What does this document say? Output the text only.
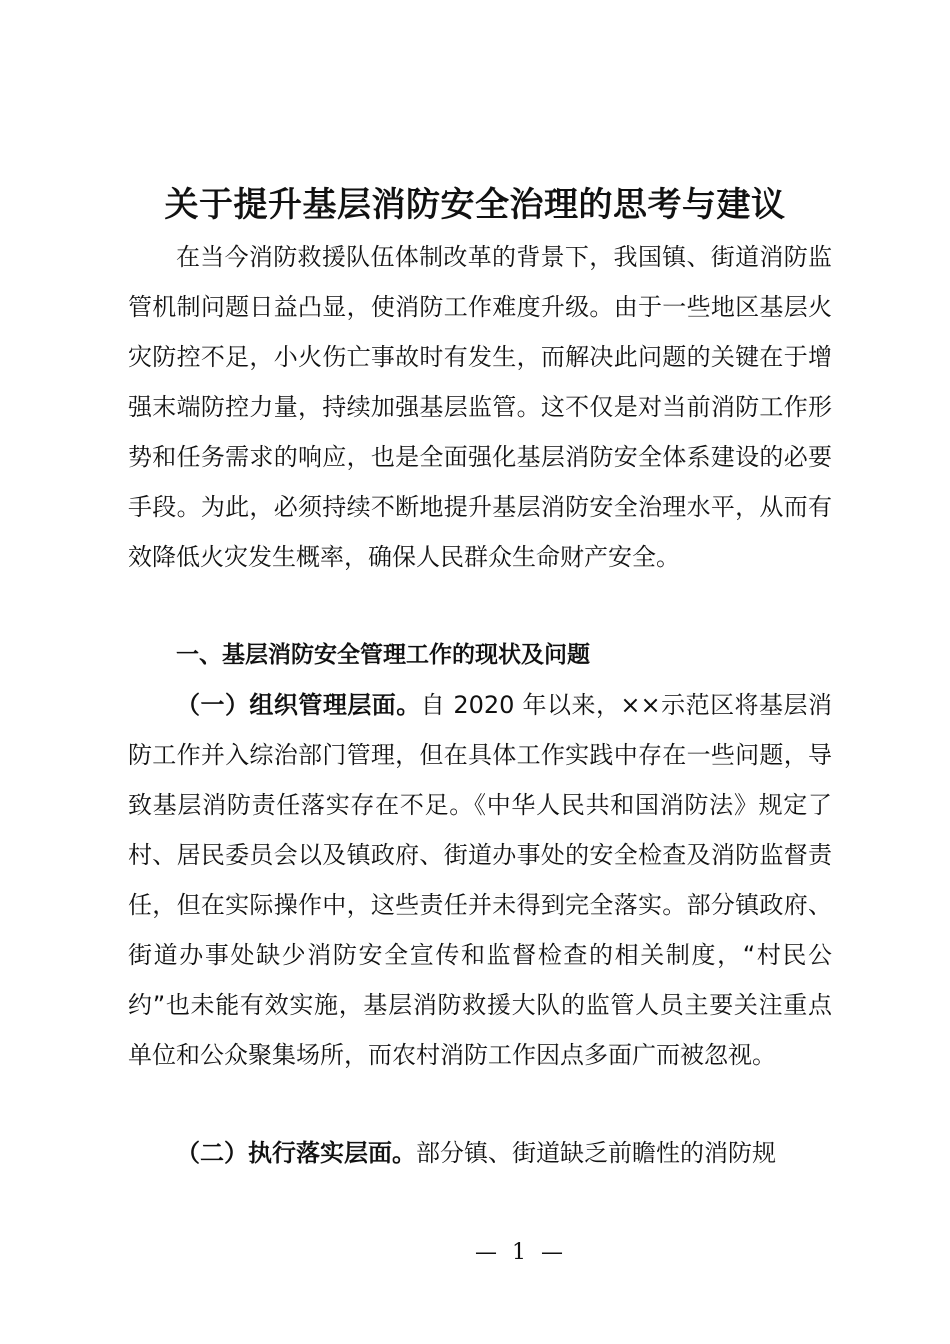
关于提升基层消防安全治理的思考与建议

在当今消防救援队伍体制改革的背景下，我国镇、街道消防监管机制问题日益凸显，使消防工作难度升级。由于一些地区基层火灾防控不足，小火伤亡事故时有发生，而解决此问题的关键在于增强末端防控力量，持续加强基层监管。这不仅是对当前消防工作形势和任务需求的响应，也是全面强化基层消防安全体系建设的必要手段。为此，必须持续不断地提升基层消防安全治理水平，从而有效降低火灾发生概率，确保人民群众生命财产安全。

一、基层消防安全管理工作的现状及问题

（一）组织管理层面。自 2020 年以来，××示范区将基层消防工作并入综治部门管理，但在具体工作实践中存在一些问题，导致基层消防责任落实存在不足。《中华人民共和国消防法》规定了村、居民委员会以及镇政府、街道办事处的安全检查及消防监督责任，但在实际操作中，这些责任并未得到完全落实。部分镇政府、街道办事处缺少消防安全宣传和监督检查的相关制度，“村民公约”也未能有效实施，基层消防救援大队的监管人员主要关注重点单位和公众聚集场所，而农村消防工作因点多面广而被忽视。

（二）执行落实层面。部分镇、街道缺乏前瞻性的消防规

— 1 —
